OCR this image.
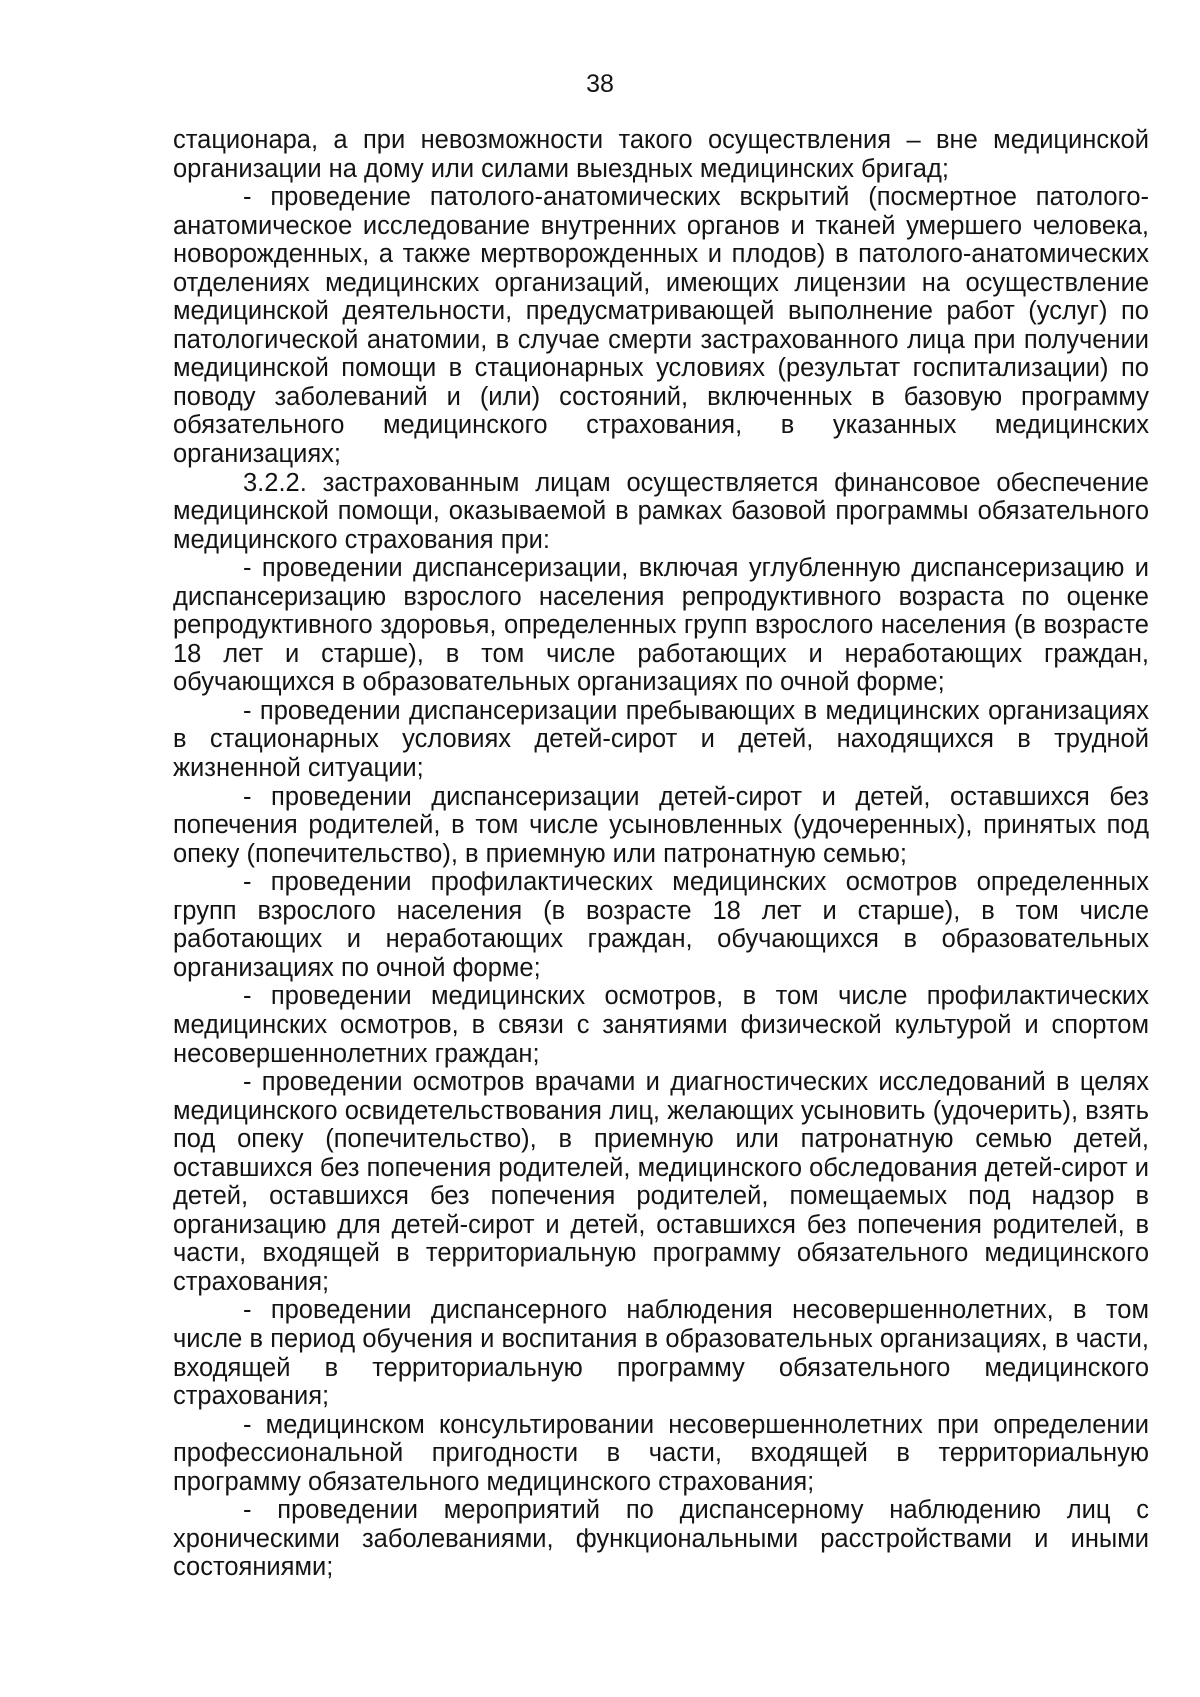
38

стационара, а при невозможности такого осуществления – вне медицинской организации на дому или силами выездных медицинских бригад;

- проведение патолого-анатомических вскрытий (посмертное патолого-анатомическое исследование внутренних органов и тканей умершего человека, новорожденных, а также мертворожденных и плодов) в патолого-анатомических отделениях медицинских организаций, имеющих лицензии на осуществление медицинской деятельности, предусматривающей выполнение работ (услуг) по патологической анатомии, в случае смерти застрахованного лица при получении медицинской помощи в стационарных условиях (результат госпитализации) по поводу заболеваний и (или) состояний, включенных в базовую программу обязательного медицинского страхования, в указанных медицинских организациях;

3.2.2. застрахованным лицам осуществляется финансовое обеспечение медицинской помощи, оказываемой в рамках базовой программы обязательного медицинского страхования при:

- проведении диспансеризации, включая углубленную диспансеризацию и диспансеризацию взрослого населения репродуктивного возраста по оценке репродуктивного здоровья, определенных групп взрослого населения (в возрасте 18 лет и старше), в том числе работающих и неработающих граждан, обучающихся в образовательных организациях по очной форме;

- проведении диспансеризации пребывающих в медицинских организациях в стационарных условиях детей-сирот и детей, находящихся в трудной жизненной ситуации;

- проведении диспансеризации детей-сирот и детей, оставшихся без попечения родителей, в том числе усыновленных (удочеренных), принятых под опеку (попечительство), в приемную или патронатную семью;

- проведении профилактических медицинских осмотров определенных групп взрослого населения (в возрасте 18 лет и старше), в том числе работающих и неработающих граждан, обучающихся в образовательных организациях по очной форме;

- проведении медицинских осмотров, в том числе профилактических медицинских осмотров, в связи с занятиями физической культурой и спортом несовершеннолетних граждан;

- проведении осмотров врачами и диагностических исследований в целях медицинского освидетельствования лиц, желающих усыновить (удочерить), взять под опеку (попечительство), в приемную или патронатную семью детей, оставшихся без попечения родителей, медицинского обследования детей-сирот и детей, оставшихся без попечения родителей, помещаемых под надзор в организацию для детей-сирот и детей, оставшихся без попечения родителей, в части, входящей в территориальную программу обязательного медицинского страхования;

- проведении диспансерного наблюдения несовершеннолетних, в том числе в период обучения и воспитания в образовательных организациях, в части, входящей в территориальную программу обязательного медицинского страхования;

- медицинском консультировании несовершеннолетних при определении профессиональной пригодности в части, входящей в территориальную программу обязательного медицинского страхования;

- проведении мероприятий по диспансерному наблюдению лиц с хроническими заболеваниями, функциональными расстройствами и иными состояниями;
